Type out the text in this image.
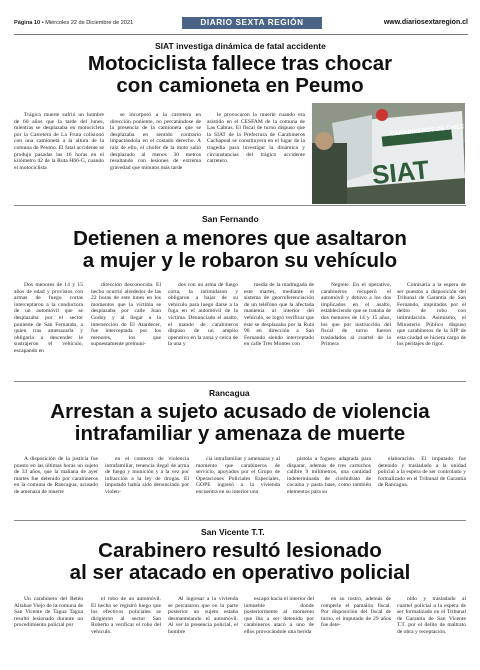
Página 10 • Miércoles 22 de Diciembre de 2021	DIARIO SEXTA REGIÓN	www.diariosextaregion.cl
SIAT investiga dinámica de fatal accidente
Motociclista fallece tras chocar
con camioneta en Peumo

Trágica muerte sufrió un hombre de 60 años que la tarde del lunes, mientras se desplazaba en motocicleta por la Carretera de La Fruta colisionó con una camioneta a la altura de la comuna de Peumo. El fatal accidente se produjo pasadas las 16 horas en el kilómetro 42 de la Ruta H66-G, cuando el motociclista

se incorporó a la carretera en dirección poniente, no percatándose de la presencia de la camioneta que se desplazaba en sentido contrario impactándola en el costado derecho. A raíz de ello, el chofer de la moto salió desplazado al menos 30 metros resultando con lesiones de extrema gravedad que minutos más tarde

le provocaron la muerte cuando era asistido en el CESFAM de la comuna de Las Cabras. El fiscal de turno dispuso que la SIAT de la Prefectura de Carabineros Cachapoal se constituyera en el lugar de la tragedia para investigar la dinámica y circunstancias del trágico accidente carretero.	SIAT
CARABINEROS DE CHILE
San Fernando
Detienen a menores que asaltaron
a mujer y le robaron su vehículo

Dos menores de 14 y 15 años de edad y provistos con armas de fuego cortas interceptaron a la conductora de un automóvil que se desplazaba por el sector poniente de San Fernando, a quien tras amenazarla y obligarla a descender le sustrajeron el vehículo, escapando en

dirección desconocida. El hecho ocurrió alrededor de las 22 horas de este lunes en los momentos que la víctima se desplazaba por calle Juan Godoy y al llegar a la intersección de El Atardecer, fue interceptada por los menores, los que supuestamente premuni-

dos con un arma de fuego corta, la intimidaron y obligaron a bajar de su vehículo para luego darse a la fuga en el automóvil de la víctima. Denunciado el asalto, el mando de carabineros dispuso de un amplio operativo en la zona y cerca de la una y

media de la madrugada de este martes, mediante el sistema de georreferenciación de un teléfono que la afectada mantenía al interior del vehículo, se logró verificar que éste se desplazaba por la Ruta 90 en dirección a San Fernando siendo interceptado en calle Tres Montes con

Negrete. En el operativo, carabineros recuperó el automóvil y detuvo a los dos implicados en el asalto, estableciendo que se trataba de dos menores de 14 y 15 años, los que por instrucción del fiscal de turno fueron trasladados al cuartel de la Primera

Comisaría a la espera de ser puestos a disposición del Tribunal de Garantía de San Fernando, imputados por el delito de robo con intimidación. Asimismo, el Ministerio Público dispuso que carabineros de la SIP de esta ciudad se hiciera cargo de los peritajes de rigor.

Rancagua
Arrestan a sujeto acusado de violencia
intrafamiliar y amenaza de muerte

A disposición de la justicia fue puesto en las últimas horas un sujeto de 33 años, que la mañana de ayer martes fue detenido por carabineros en la comuna de Rancagua, acusado de amenaza de muerte

en el contexto de violencia intrafamiliar, tenencia ilegal de arma de fuego y munición y a la vez por infracción a la ley de drogas. El imputado había sido denunciado por violen-

cia intrafamiliar y amenazas y al momento que carabineros de servicio, apoyados por el Grupo de Operaciones Policiales Especiales, GOPE ingresó a la vivienda encuentra en su interior una

pistola a fogueo adaptada para disparar, además de tres cartuchos calibre 9 milímetros, una cantidad indeterminada de clorhidrato de cocaína y pasta base, como también elementos para su

elaboración. El imputado fue detenido y trasladado a la unidad policial a la espera de ser controlado y formalizado en el Tribunal de Garantía de Rancagua.

San Vicente T.T.
Carabinero resultó lesionado
al ser atacado en operativo policial

Un carabinero del Retén Altahue Viejo de la comuna de San Vicente de Tagua Tagua resultó lesionado durante un procedimiento policial por

el robo de un automóvil. El hecho se registró luego que los efectivos policiales se dirigieron al sector San Roberto a verificar el robo del vehículo.

Al ingresar a la vivienda se percataron que en la parte posterior un sujeto estaba desmantelando el automóvil. Al ver la presencia policial, el hombre

escapó hacia el interior del inmueble donde posteriormente al momento que iba a ser detenido por carabineros atacó a uno de ellos provocándole una herida

en su rostro, además de romperle el pantalón fiscal. Por disposición del fiscal de turno, el imputado de 29 años fue dete-

nido y trasladado al cuartel policial a la espera de ser formalizado en el Tribunal de Garantía de San Vicente T.T. por el delito de maltrato de obra y receptación.
